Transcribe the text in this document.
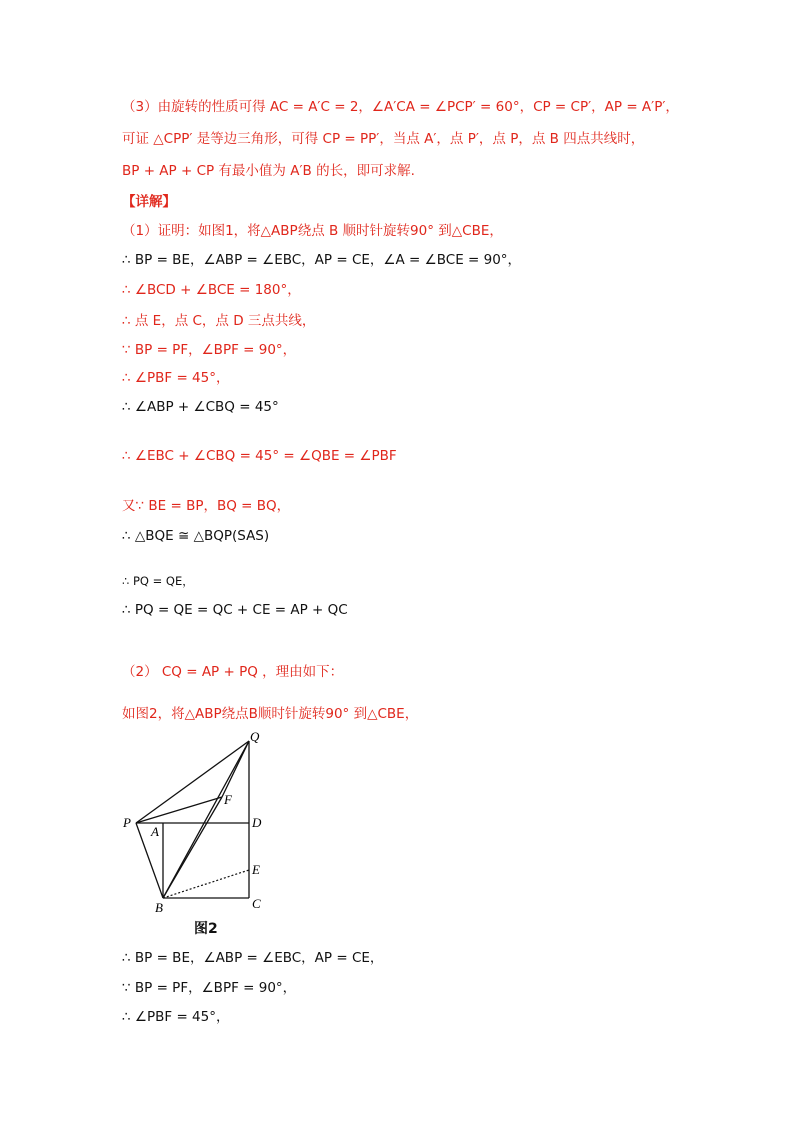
（3）由旋转的性质可得 AC = A′C = 2，∠A′CA = ∠PCP′ = 60°，CP = CP′，AP = A′P′，
可证 △CPP′ 是等边三角形，可得 CP = PP′，当点 A′，点 P′，点 P，点 B 四点共线时，
BP + AP + CP 有最小值为 A′B 的长，即可求解.
【详解】
（1）证明：如图1，将△ABP绕点 B 顺时针旋转90° 到△CBE，
∴ BP = BE，∠ABP = ∠EBC，AP = CE，∠A = ∠BCE = 90°，
∴ ∠BCD + ∠BCE = 180°，
∴ 点 E，点 C，点 D 三点共线，
∵ BP = PF，∠BPF = 90°，
∴ ∠PBF = 45°，
∴ ∠ABP + ∠CBQ = 45°
∴ ∠EBC + ∠CBQ = 45° = ∠QBE = ∠PBF
又∵ BE = BP，BQ = BQ，
∴ △BQE ≅ △BQP(SAS)
∴ PQ = QE，
∴ PQ = QE = QC + CE = AP + QC
（2） CQ = AP + PQ ，理由如下：
如图2，将△ABP绕点B顺时针旋转90° 到△CBE，
Q
F
P
A
D
E
B	C
图2
∴ BP = BE，∠ABP = ∠EBC，AP = CE，
∵ BP = PF，∠BPF = 90°，
∴ ∠PBF = 45°，
